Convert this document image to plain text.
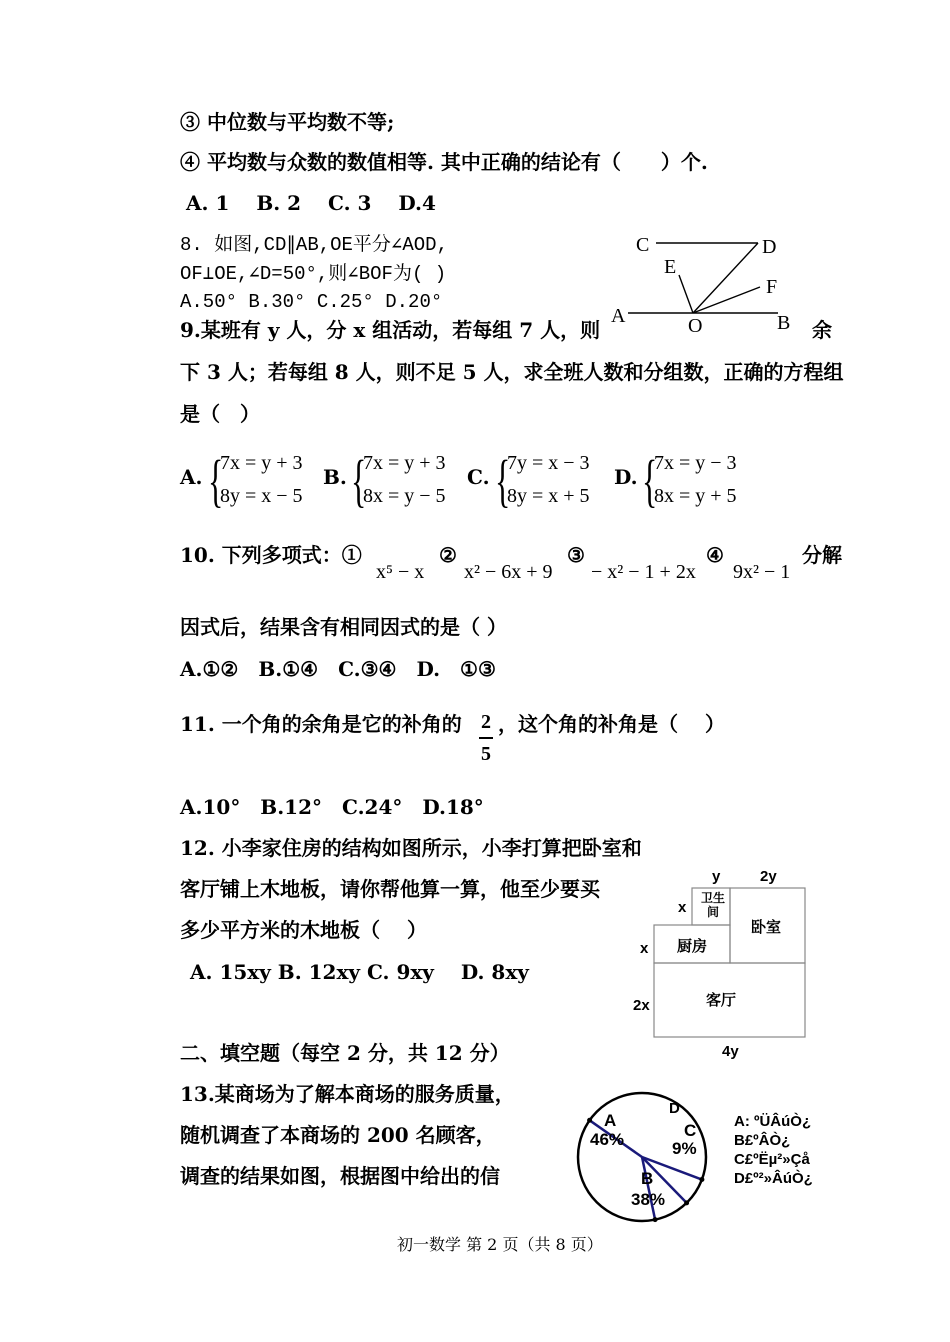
③ 中位数与平均数不等;
④ 平均数与众数的数值相等. 其中正确的结论有（　　）个.
A. 1　 B. 2　 C. 3　 D.4
8. 如图,CD∥AB,OE平分∠AOD,
OF⊥OE,∠D=50°,则∠BOF为( )
A.50° B.30° C.25° D.20°
C	D
E
F
A	O	B
9.某班有 y 人，分 x 组活动，若每组 7 人，则	余
下 3 人；若每组 8 人，则不足 5 人，求全班人数和分组数，正确的方程组
是（　）
A. {
7x = y + 3
8y = x − 5
B. {
7x = y + 3
8x = y − 5
C. {
7y = x − 3
8y = x + 5
D. {
7x = y − 3
8x = y + 5
10. 下列多项式：①
x⁵ − x
②
x² − 6x + 9
③
− x² − 1 + 2x
④
9x² − 1
分解
因式后，结果含有相同因式的是（ ）
A.①②　B.①④　C.③④　D.　①③
11. 一个角的余角是它的补角的 2
5
，这个角的补角是（　 ）
A.10°　B.12°　C.24°　D.18°
12. 小李家住房的结构如图所示，小李打算把卧室和
客厅铺上木地板，请你帮他算一算，他至少要买
多少平方米的木地板（　 ）
A. 15xy B. 12xy C. 9xy　 D. 8xy
y	2y
x
x
2x
4y
卫生间
卧室
厨房
客厅
二、填空题（每空 2 分，共 12 分）
13.某商场为了解本商场的服务质量，
随机调查了本商场的 200 名顾客，
调查的结果如图，根据图中给出的信
A
46%
B
38%
C
9%
D
A: ºÜÂúÒ¿
B£ºÂÒ¿
C£ºËµ²»Çå
D£º²»ÂúÒ¿
初一数学 第 2 页（共 8 页）
